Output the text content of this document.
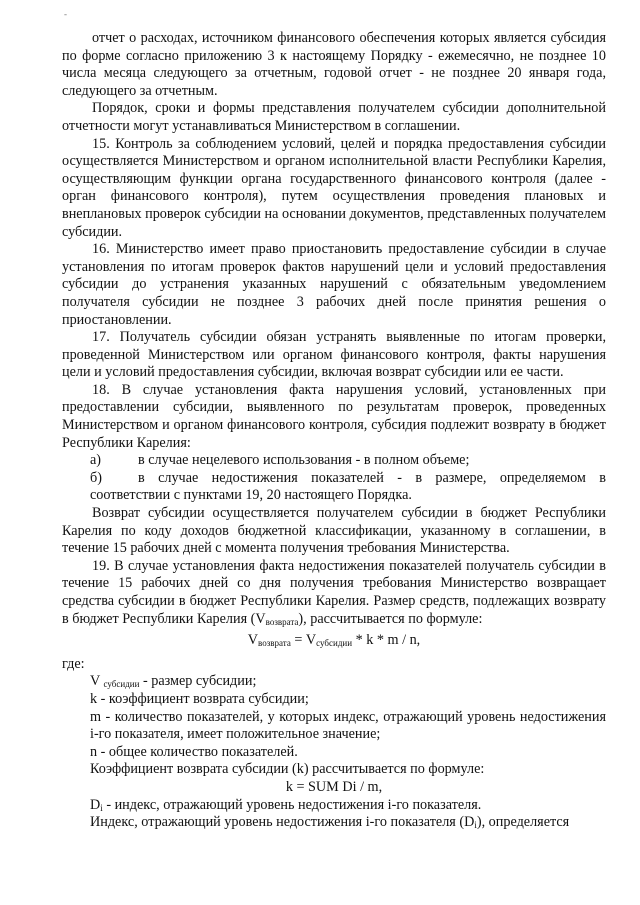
-

отчет о расходах, источником финансового обеспечения которых является субсидия по форме согласно приложению 3 к настоящему Порядку - ежемесячно, не позднее 10 числа месяца следующего за отчетным, годовой отчет - не позднее 20 января года, следующего за отчетным.

Порядок, сроки и формы представления получателем субсидии дополнительной отчетности могут устанавливаться Министерством в соглашении.

15. Контроль за соблюдением условий, целей и порядка предоставления субсидии осуществляется Министерством и органом исполнительной власти Республики Карелия, осуществляющим функции органа государственного финансового контроля (далее - орган финансового контроля), путем осуществления проведения плановых и внеплановых проверок субсидии на основании документов, представленных получателем субсидии.

16. Министерство имеет право приостановить предоставление субсидии в случае установления по итогам проверок фактов нарушений цели и условий предоставления субсидии до устранения указанных нарушений с обязательным уведомлением получателя субсидии не позднее 3 рабочих дней после принятия решения о приостановлении.

17. Получатель субсидии обязан устранять выявленные по итогам проверки, проведенной Министерством или органом финансового контроля, факты нарушения цели и условий предоставления субсидии, включая возврат субсидии или ее части.

18. В случае установления факта нарушения условий, установленных при предоставлении субсидии, выявленного по результатам проверок, проведенных Министерством и органом финансового контроля, субсидия подлежит возврату в бюджет Республики Карелия:

а)	в случае нецелевого использования - в полном объеме;

б)	в случае недостижения показателей - в размере, определяемом в соответствии с пунктами 19, 20 настоящего Порядка.

Возврат субсидии осуществляется получателем субсидии в бюджет Республики Карелия по коду доходов бюджетной классификации, указанному в соглашении, в течение 15 рабочих дней с момента получения требования Министерства.

19. В случае установления факта недостижения показателей получатель субсидии в течение 15 рабочих дней со дня получения требования Министерство возвращает средства субсидии в бюджет Республики Карелия. Размер средств, подлежащих возврату в бюджет Республики Карелия $(V_{возврата})$, рассчитывается по формуле:

$V_{возврата} = V_{субсидии} * k * m / n$,

где:

V $_{субсидии}$ - размер субсидии;

k - коэффициент возврата субсидии;

m - количество показателей, у которых индекс, отражающий уровень недостижения i-го показателя, имеет положительное значение;

n - общее количество показателей.

Коэффициент возврата субсидии (k) рассчитывается по формуле:

k = SUM Di / m,

$D_i$ - индекс, отражающий уровень недостижения i-го показателя.

Индекс, отражающий уровень недостижения i-го показателя $(D_i)$, определяется
